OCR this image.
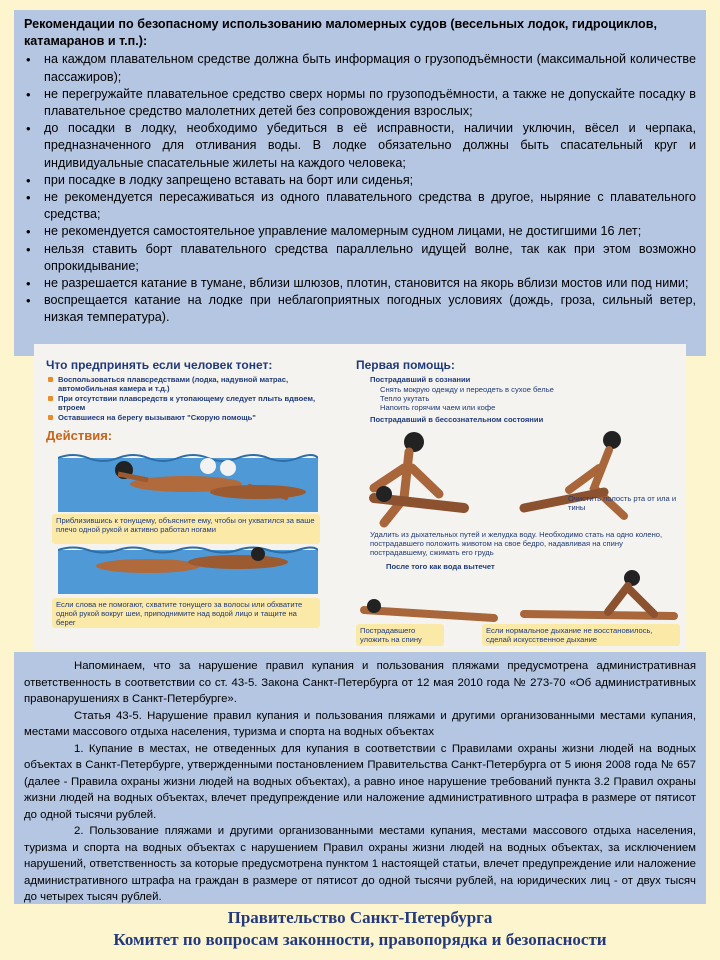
Рекомендации по безопасному использованию маломерных судов (весельных лодок, гидроциклов, катамаранов и т.п.):
• на каждом плавательном средстве должна быть информация о грузоподъёмности (максимальной количестве пассажиров);
• не перегружайте плавательное средство сверх нормы по грузоподъёмности, а также не допускайте посадку в плавательное средство малолетних детей без сопровождения взрослых;
• до посадки в лодку, необходимо убедиться в её исправности, наличии уключин, вёсел и черпака, предназначенного для отливания воды. В лодке обязательно должны быть спасательный круг и индивидуальные спасательные жилеты на каждого человека;
• при посадке в лодку запрещено вставать на борт или сиденья;
• не рекомендуется пересаживаться из одного плавательного средства в другое, ныряние с плавательного средства;
• не рекомендуется самостоятельное управление маломерным судном лицами, не достигшими 16 лет;
• нельзя ставить борт плавательного средства параллельно идущей волне, так как при этом возможно опрокидывание;
• не разрешается катание в тумане, вблизи шлюзов, плотин, становится на якорь вблизи мостов или под ними;
• воспрещается катание на лодке при неблагоприятных погодных условиях (дождь, гроза, сильный ветер, низкая температура).
Что предпринять если человек тонет:
Воспользоваться плавсредствами (лодка, надувной матрас, автомобильная камера и т.д.)
При отсутствии плавсредств к утопающему следует плыть вдвоем, втроем
Оставшиеся на берегу вызывают "Скорую помощь"
Действия:
Приблизившись к тонущему, объясните ему, чтобы он ухватился за ваше плечо одной рукой и активно работал ногами
Если слова не помогают, схватите тонущего за волосы или обхватите одной рукой вокруг шеи, приподнимите над водой лицо и тащите на берег
Первая помощь:
Пострадавший в сознании
Снять мокрую одежду и переодеть в сухое белье
Тепло укутать
Напоить горячим чаем или кофе
Пострадавший в бессознательном состоянии
Очистить полость рта от ила и тины
Удалить из дыхательных путей и желудка воду. Необходимо стать на одно колено, пострадавшего положить животом на свое бедро, надавливая на спину пострадавшему, сжимать его грудь
После того как вода вытечет
Пострадавшего уложить на спину
Если нормальное дыхание не восстановилось, сделай искусственное дыхание

Напоминаем, что за нарушение правил купания и пользования пляжами предусмотрена административная ответственность в соответствии со ст. 43-5. Закона Санкт-Петербурга от 12 мая 2010 года № 273-70 «Об административных правонарушениях в Санкт-Петербурге».

Статья 43-5. Нарушение правил купания и пользования пляжами и другими организованными местами купания, местами массового отдыха населения, туризма и спорта на водных объектах

1. Купание в местах, не отведенных для купания в соответствии с Правилами охраны жизни людей на водных объектах в Санкт-Петербурге, утвержденными постановлением Правительства Санкт-Петербурга от 5 июня 2008 года № 657 (далее - Правила охраны жизни людей на водных объектах), а равно иное нарушение требований пункта 3.2 Правил охраны жизни людей на водных объектах, влечет предупреждение или наложение административного штрафа в размере от пятисот до одной тысячи рублей.

2. Пользование пляжами и другими организованными местами купания, местами массового отдыха населения, туризма и спорта на водных объектах с нарушением Правил охраны жизни людей на водных объектах, за исключением нарушений, ответственность за которые предусмотрена пунктом 1 настоящей статьи, влечет предупреждение или наложение административного штрафа на граждан в размере от пятисот до одной тысячи рублей, на юридических лиц - от двух тысяч до четырех тысяч рублей.

Правительство Санкт-Петербурга
Комитет по вопросам законности, правопорядка и безопасности
